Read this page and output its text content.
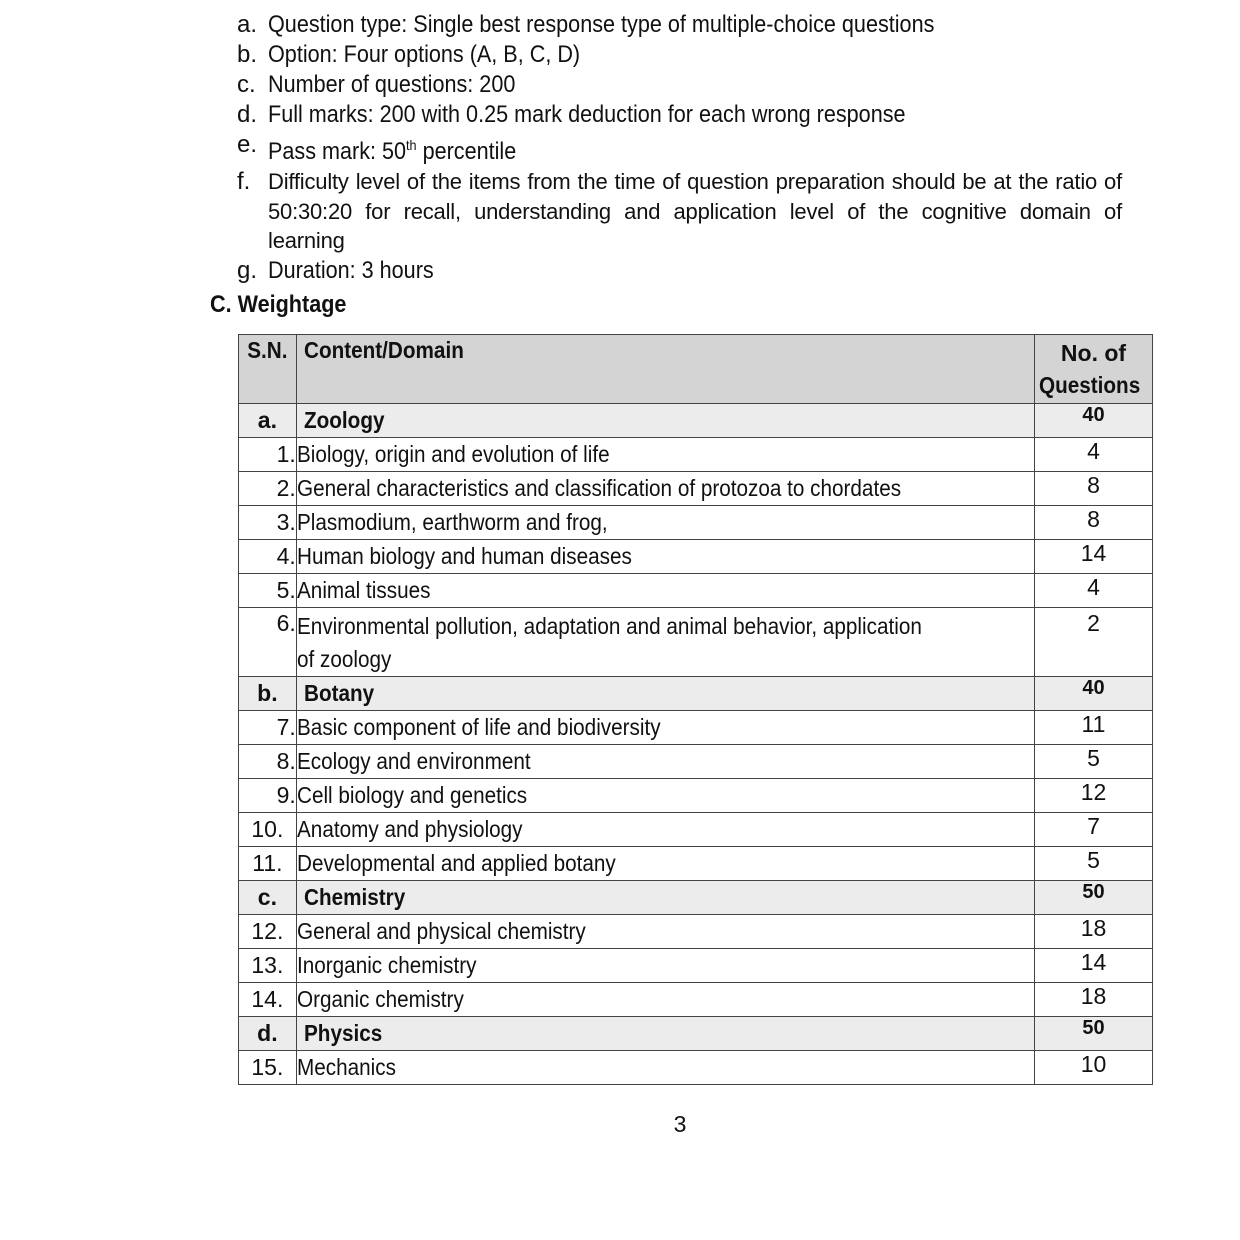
a. Question type: Single best response type of multiple-choice questions
b. Option: Four options (A, B, C, D)
c. Number of questions: 200
d. Full marks: 200 with 0.25 mark deduction for each wrong response
e. Pass mark: 50th percentile
f. Difficulty level of the items from the time of question preparation should be at the ratio of 50:30:20 for recall, understanding and application level of the cognitive domain of learning
g. Duration: 3 hours
C. Weightage
S.N.	Content/Domain	No. of
Questions
a.	Zoology	40
1.	Biology, origin and evolution of life	4
2.	General characteristics and classification of protozoa to chordates	8
3.	Plasmodium, earthworm and frog,	8
4.	Human biology and human diseases	14
5.	Animal tissues	4
6.	Environmental pollution, adaptation and animal behavior, application
of zoology	2
b.	Botany	40
7.	Basic component of life and biodiversity	11
8.	Ecology and environment	5
9.	Cell biology and genetics	12
10.	Anatomy and physiology	7
11.	Developmental and applied botany	5
c.	Chemistry	50
12.	General and physical chemistry	18
13.	Inorganic chemistry	14
14.	Organic chemistry	18
d.	Physics	50
15.	Mechanics	10
3
